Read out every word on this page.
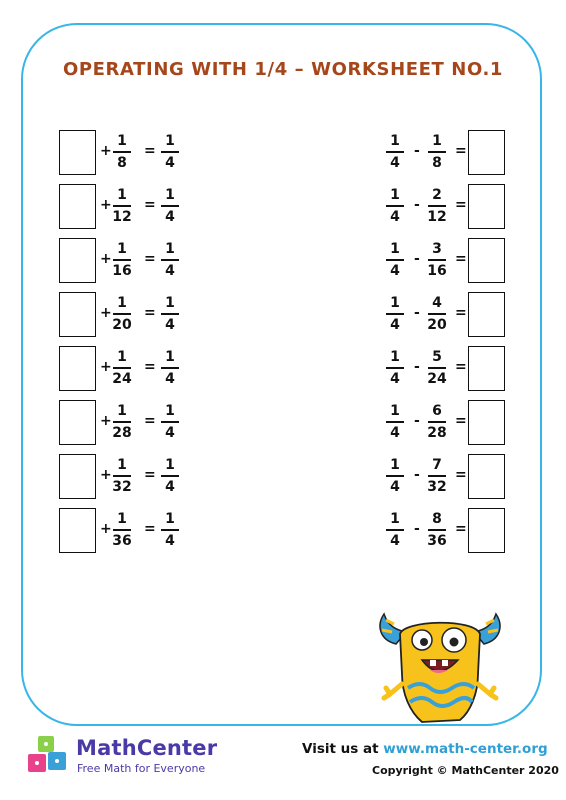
OPERATING WITH 1/4 – WORKSHEET NO.1
+
1
8
=
1
4
+
1
12
=
1
4
+
1
16
=
1
4
+
1
20
=
1
4
+
1
24
=
1
4
+
1
28
=
1
4
+
1
32
=
1
4
+
1
36
=
1
4
1
4
-
1
8
=
1
4
-
2
12
=
1
4
-
3
16
=
1
4
-
4
20
=
1
4
-
5
24
=
1
4
-
6
28
=
1
4
-
7
32
=
1
4
-
8
36
=
MathCenter
Free Math for Everyone
Visit us at www.math-center.org
Copyright © MathCenter 2020
